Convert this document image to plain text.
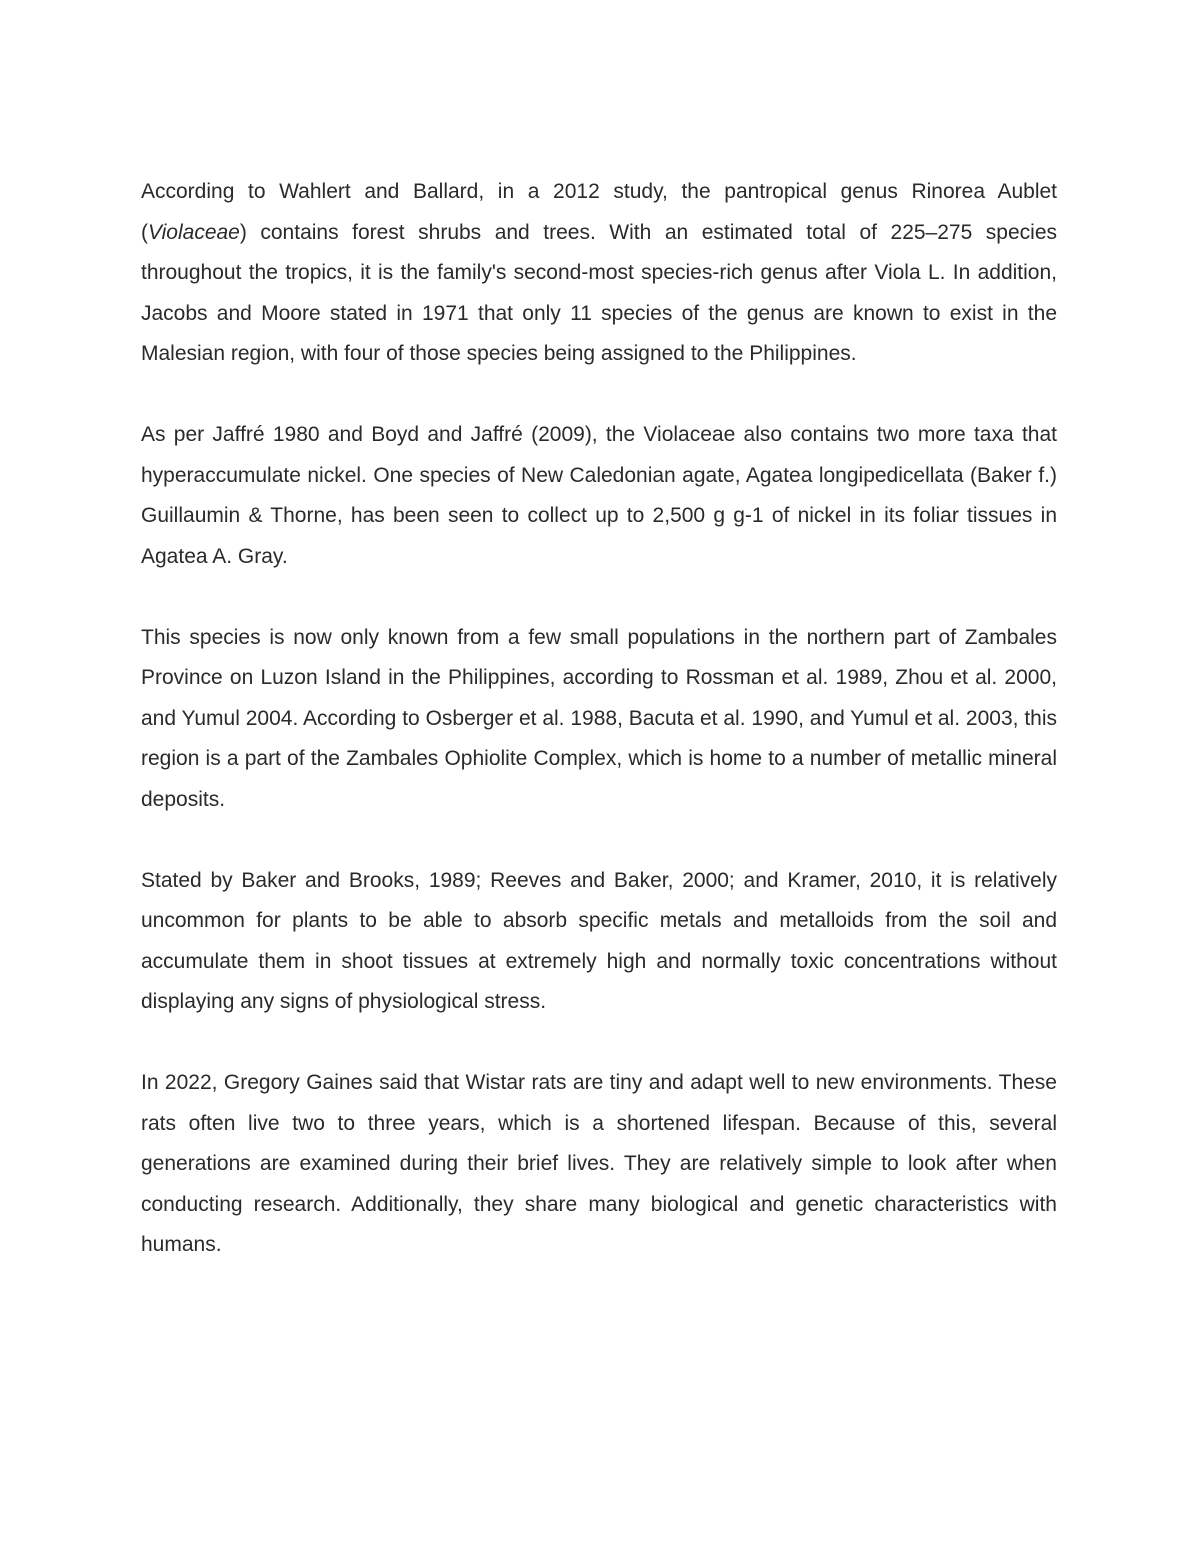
According to Wahlert and Ballard, in a 2012 study, the pantropical genus Rinorea Aublet (Violaceae) contains forest shrubs and trees. With an estimated total of 225–275 species throughout the tropics, it is the family's second-most species-rich genus after Viola L. In addition, Jacobs and Moore stated in 1971 that only 11 species of the genus are known to exist in the Malesian region, with four of those species being assigned to the Philippines.

As per Jaffré 1980 and Boyd and Jaffré (2009), the Violaceae also contains two more taxa that hyperaccumulate nickel. One species of New Caledonian agate, Agatea longipedicellata (Baker f.) Guillaumin & Thorne, has been seen to collect up to 2,500 g g-1 of nickel in its foliar tissues in Agatea A. Gray.

This species is now only known from a few small populations in the northern part of Zambales Province on Luzon Island in the Philippines, according to Rossman et al. 1989, Zhou et al. 2000, and Yumul 2004. According to Osberger et al. 1988, Bacuta et al. 1990, and Yumul et al. 2003, this region is a part of the Zambales Ophiolite Complex, which is home to a number of metallic mineral deposits.

Stated by Baker and Brooks, 1989; Reeves and Baker, 2000; and Kramer, 2010, it is relatively uncommon for plants to be able to absorb specific metals and metalloids from the soil and accumulate them in shoot tissues at extremely high and normally toxic concentrations without displaying any signs of physiological stress.

In 2022, Gregory Gaines said that Wistar rats are tiny and adapt well to new environments. These rats often live two to three years, which is a shortened lifespan. Because of this, several generations are examined during their brief lives. They are relatively simple to look after when conducting research. Additionally, they share many biological and genetic characteristics with humans.
